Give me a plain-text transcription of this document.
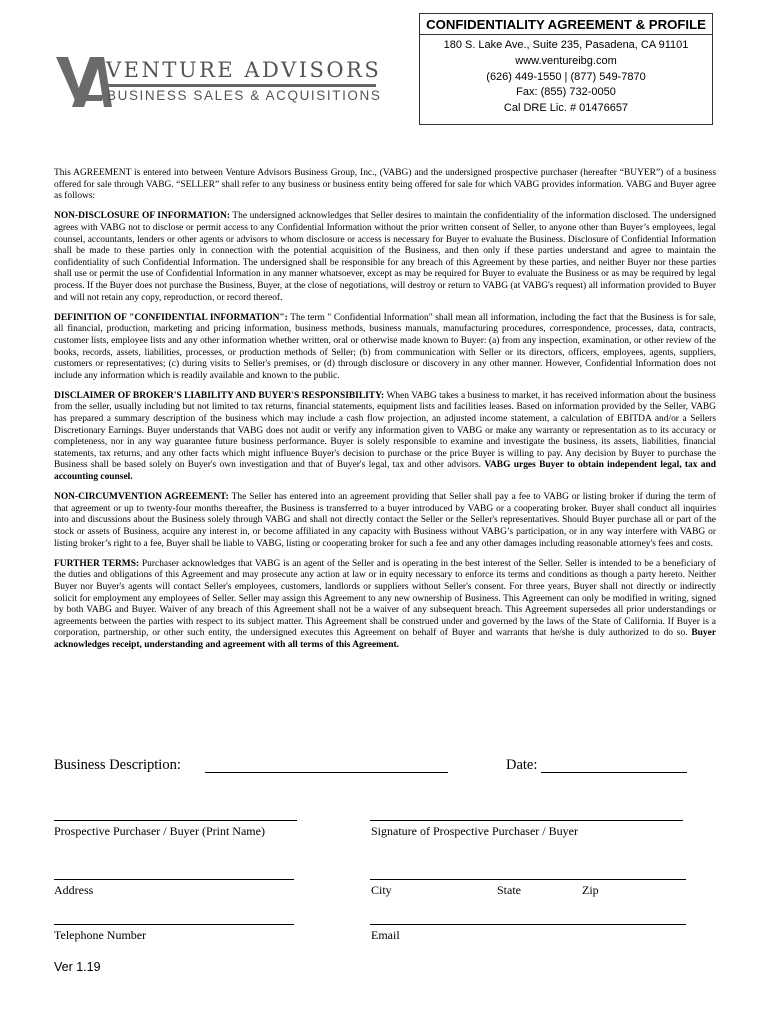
VENTURE ADVISORS
BUSINESS SALES & ACQUISITIONS
CONFIDENTIALITY AGREEMENT & PROFILE
180 S. Lake Ave., Suite 235, Pasadena, CA 91101
www.ventureibg.com
(626) 449-1550 | (877) 549-7870
Fax: (855) 732-0050
Cal DRE Lic. # 01476657

This AGREEMENT is entered into between Venture Advisors Business Group, Inc., (VABG) and the undersigned prospective purchaser (hereafter “BUYER”) of a business offered for sale through VABG. “SELLER” shall refer to any business or business entity being offered for sale for which VABG provides information. VABG and Buyer agree as follows:

NON-DISCLOSURE OF INFORMATION: The undersigned acknowledges that Seller desires to maintain the confidentiality of the information disclosed. The undersigned agrees with VABG not to disclose or permit access to any Confidential Information without the prior written consent of Seller, to anyone other than Buyer’s employees, legal counsel, accountants, lenders or other agents or advisors to whom disclosure or access is necessary for Buyer to evaluate the Business. Disclosure of Confidential Information shall be made to these parties only in connection with the potential acquisition of the Business, and then only if these parties understand and agree to maintain the confidentiality of such Confidential Information. The undersigned shall be responsible for any breach of this Agreement by these parties, and neither Buyer nor these parties shall use or permit the use of Confidential Information in any manner whatsoever, except as may be required for Buyer to evaluate the Business or as may be required by legal process. If the Buyer does not purchase the Business, Buyer, at the close of negotiations, will destroy or return to VABG (at VABG's request) all information provided to Buyer and will not retain any copy, reproduction, or record thereof.

DEFINITION OF "CONFIDENTIAL INFORMATION": The term " Confidential Information" shall mean all information, including the fact that the Business is for sale, all financial, production, marketing and pricing information, business methods, business manuals, manufacturing procedures, correspondence, processes, data, contracts, customer lists, employee lists and any other information whether written, oral or otherwise made known to Buyer: (a) from any inspection, examination, or other review of the books, records, assets, liabilities, processes, or production methods of Seller; (b) from communication with Seller or its directors, officers, employees, agents, suppliers, customers or representatives; (c) during visits to Seller's premises, or (d) through disclosure or discovery in any other manner. However, Confidential Information does not include any information which is readily available and known to the public.

DISCLAIMER OF BROKER'S LIABILITY AND BUYER'S RESPONSIBILITY: When VABG takes a business to market, it has received information about the business from the seller, usually including but not limited to tax returns, financial statements, equipment lists and facilities leases. Based on information provided by the Seller, VABG has prepared a summary description of the business which may include a cash flow projection, an adjusted income statement, a calculation of EBITDA and/or a Sellers Discretionary Earnings. Buyer understands that VABG does not audit or verify any information given to VABG or make any warranty or representation as to its accuracy or completeness, nor in any way guarantee future business performance. Buyer is solely responsible to examine and investigate the business, its assets, liabilities, financial statements, tax returns, and any other facts which might influence Buyer's decision to purchase or the price Buyer is willing to pay. Any decision by Buyer to purchase the Business shall be based solely on Buyer's own investigation and that of Buyer's legal, tax and other advisors. VABG urges Buyer to obtain independent legal, tax and accounting counsel.

NON-CIRCUMVENTION AGREEMENT: The Seller has entered into an agreement providing that Seller shall pay a fee to VABG or listing broker if during the term of that agreement or up to twenty-four months thereafter, the Business is transferred to a buyer introduced by VABG or a cooperating broker. Buyer shall conduct all inquiries into and discussions about the Business solely through VABG and shall not directly contact the Seller or the Seller's representatives. Should Buyer purchase all or part of the stock or assets of Business, acquire any interest in, or become affiliated in any capacity with Business without VABG’s participation, or in any way interfere with VABG or listing broker’s right to a fee, Buyer shall be liable to VABG, listing or cooperating broker for such a fee and any other damages including reasonable attorney's fees and costs.

FURTHER TERMS: Purchaser acknowledges that VABG is an agent of the Seller and is operating in the best interest of the Seller. Seller is intended to be a beneficiary of the duties and obligations of this Agreement and may prosecute any action at law or in equity necessary to enforce its terms and conditions as though a party hereto. Neither Buyer nor Buyer's agents will contact Seller's employees, customers, landlords or suppliers without Seller's consent. For three years, Buyer shall not directly or indirectly solicit for employment any employees of Seller. Seller may assign this Agreement to any new ownership of Business. This Agreement can only be modified in writing, signed by both VABG and Buyer. Waiver of any breach of this Agreement shall not be a waiver of any subsequent breach. This Agreement supersedes all prior understandings or agreements between the parties with respect to its subject matter. This Agreement shall be construed under and governed by the laws of the State of California. If Buyer is a corporation, partnership, or other such entity, the undersigned executes this Agreement on behalf of Buyer and warrants that he/she is duly authorized to do so. Buyer acknowledges receipt, understanding and agreement with all terms of this Agreement.

Business Description:	Date:
Prospective Purchaser / Buyer (Print Name)	Signature of Prospective Purchaser / Buyer
Address	City	State	Zip
Telephone Number	Email
Ver 1.19
